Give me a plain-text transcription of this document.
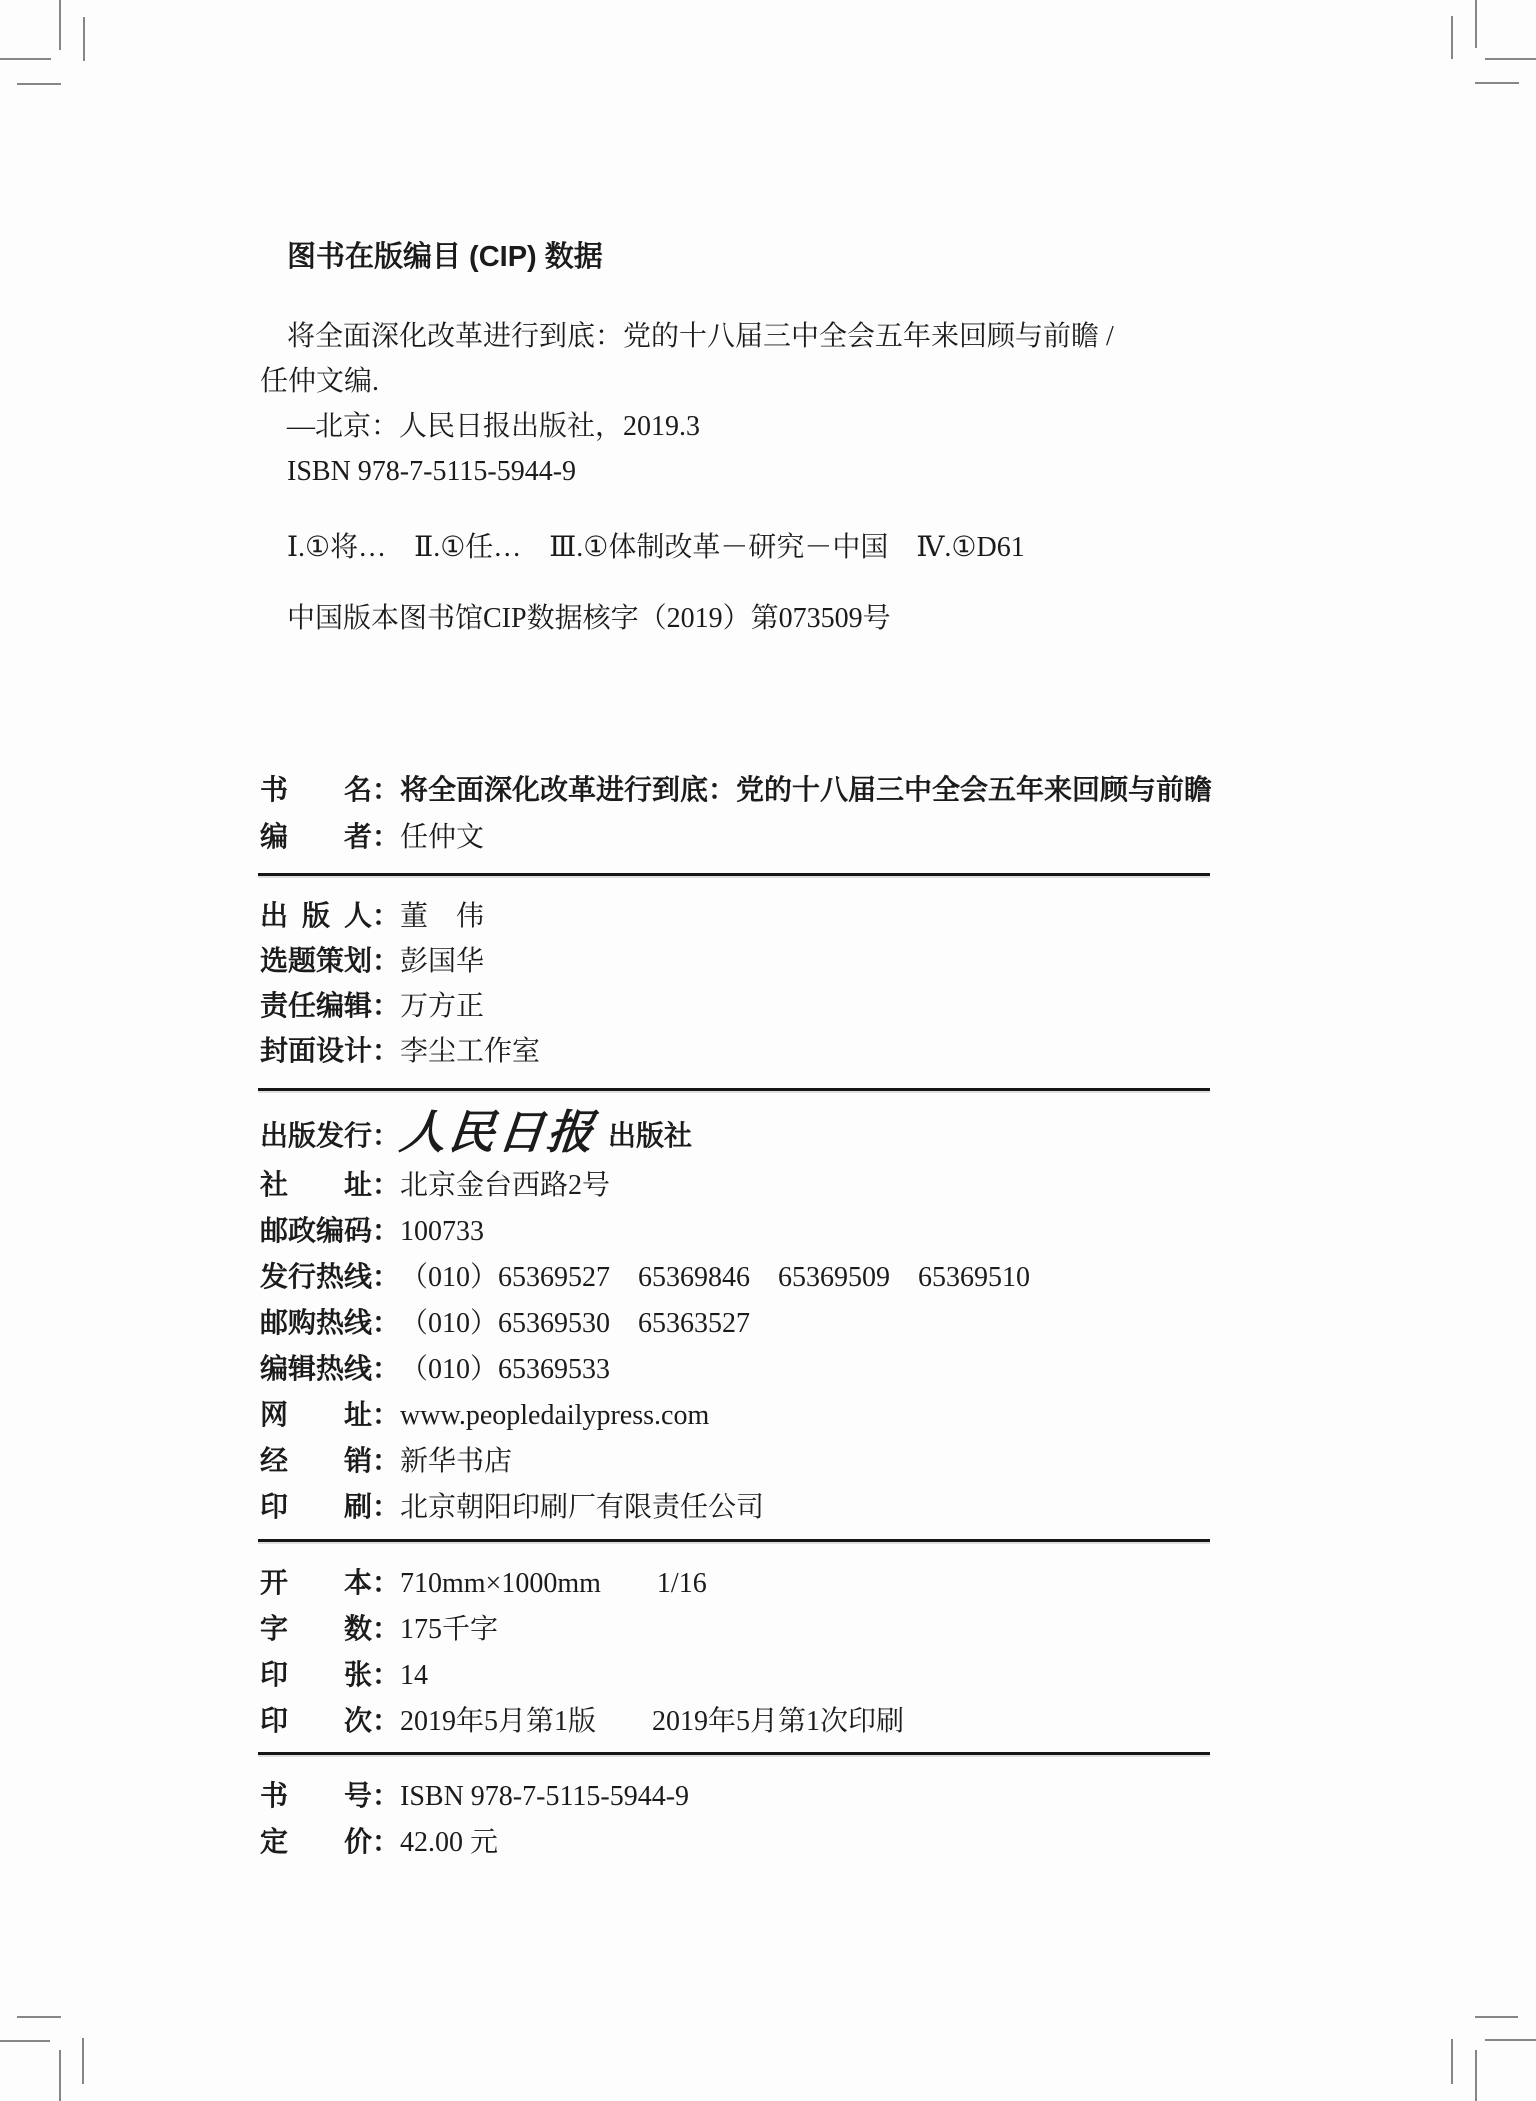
图书在版编目 (CIP) 数据

将全面深化改革进行到底：党的十八届三中全会五年来回顾与前瞻 /

任仲文编.

—北京：人民日报出版社，2019.3

ISBN 978-7-5115-5944-9

Ⅰ.①将…　Ⅱ.①任…　Ⅲ.①体制改革－研究－中国　Ⅳ.①D61

中国版本图书馆CIP数据核字（2019）第073509号

书 名 ： 将全面深化改革进行到底：党的十八届三中全会五年来回顾与前瞻
编 者 ： 任仲文
出 版 人 ： 董　伟
选 题 策 划 ： 彭国华
责 任 编 辑 ： 万方正
封 面 设 计 ： 李尘工作室
出 版 发 行 ：
人民日报 出版社
社 址 ： 北京金台西路2号
邮 政 编 码 ： 100733
发 行 热 线 ： （010）65369527　65369846　65369509　65369510
邮 购 热 线 ： （010）65369530　65363527
编 辑 热 线 ： （010）65369533
网 址 ： www.peopledailypress.com
经 销 ： 新华书店
印 刷 ： 北京朝阳印刷厂有限责任公司
开 本 ： 710mm×1000mm　　1/16
字 数 ： 175千字
印 张 ： 14
印 次 ： 2019年5月第1版　　2019年5月第1次印刷
书 号 ： ISBN 978-7-5115-5944-9
定 价 ： 42.00 元
